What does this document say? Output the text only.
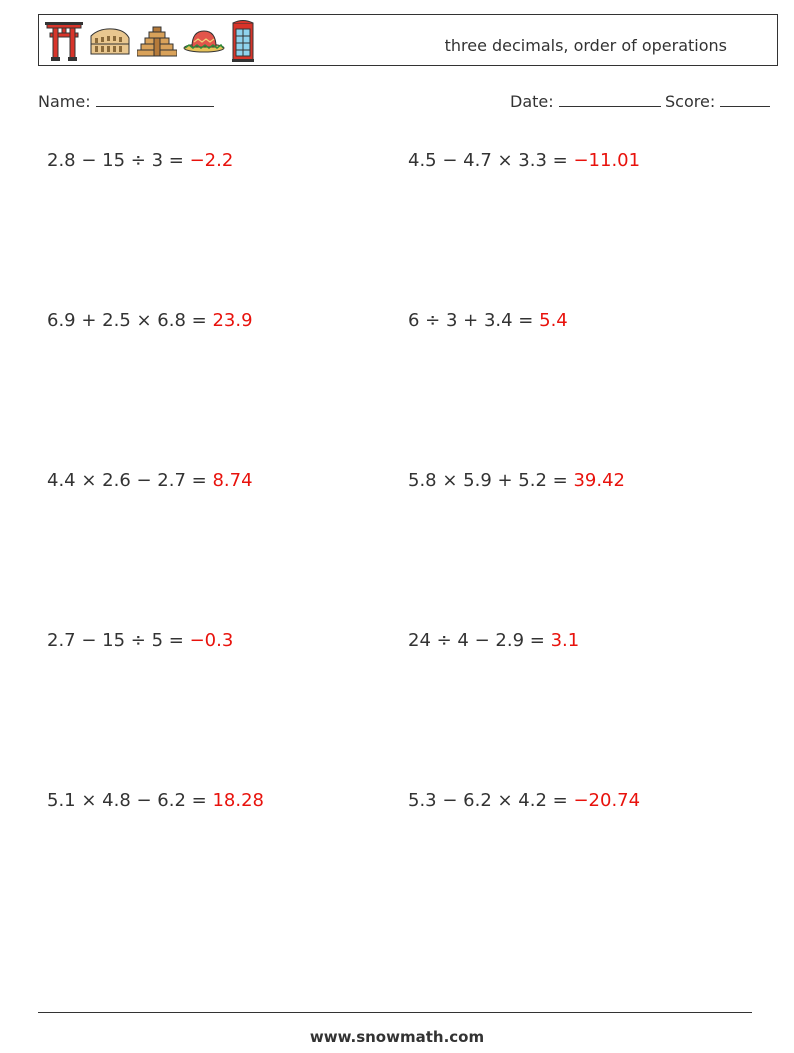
three decimals, order of operations
Name:	Date:	Score:
2.8 − 15 ÷ 3 = −2.2	4.5 − 4.7 × 3.3 = −11.01
6.9 + 2.5 × 6.8 = 23.9	6 ÷ 3 + 3.4 = 5.4
4.4 × 2.6 − 2.7 = 8.74	5.8 × 5.9 + 5.2 = 39.42
2.7 − 15 ÷ 5 = −0.3	24 ÷ 4 − 2.9 = 3.1
5.1 × 4.8 − 6.2 = 18.28	5.3 − 6.2 × 4.2 = −20.74
www.snowmath.com
